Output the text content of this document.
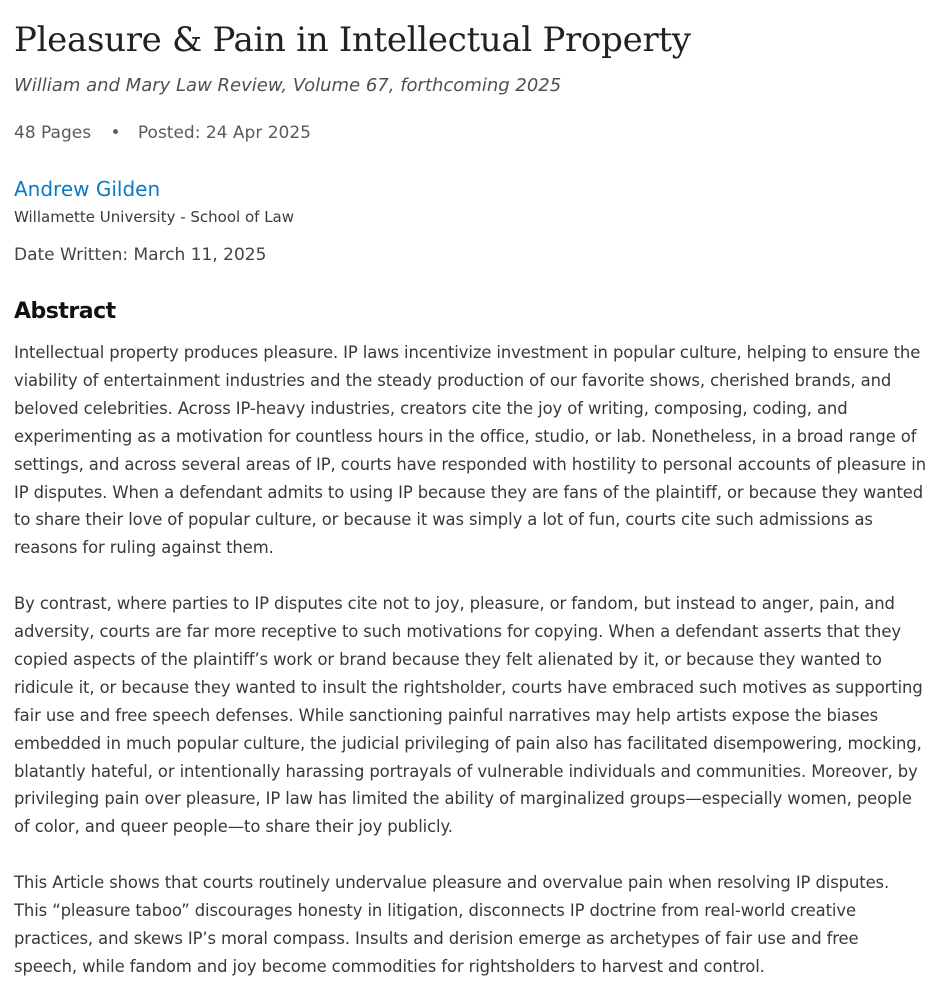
Pleasure & Pain in Intellectual Property
William and Mary Law Review, Volume 67, forthcoming 2025
48 Pages • Posted: 24 Apr 2025
Andrew Gilden
Willamette University - School of Law
Date Written: March 11, 2025
Abstract

Intellectual property produces pleasure. IP laws incentivize investment in popular culture, helping to ensure the viability of entertainment industries and the steady production of our favorite shows, cherished brands, and beloved celebrities. Across IP-heavy industries, creators cite the joy of writing, composing, coding, and experimenting as a motivation for countless hours in the office, studio, or lab. Nonetheless, in a broad range of settings, and across several areas of IP, courts have responded with hostility to personal accounts of pleasure in IP disputes. When a defendant admits to using IP because they are fans of the plaintiff, or because they wanted to share their love of popular culture, or because it was simply a lot of fun, courts cite such admissions as reasons for ruling against them.

By contrast, where parties to IP disputes cite not to joy, pleasure, or fandom, but instead to anger, pain, and adversity, courts are far more receptive to such motivations for copying. When a defendant asserts that they copied aspects of the plaintiff’s work or brand because they felt alienated by it, or because they wanted to ridicule it, or because they wanted to insult the rightsholder, courts have embraced such motives as supporting fair use and free speech defenses. While sanctioning painful narratives may help artists expose the biases embedded in much popular culture, the judicial privileging of pain also has facilitated disempowering, mocking, blatantly hateful, or intentionally harassing portrayals of vulnerable individuals and communities. Moreover, by privileging pain over pleasure, IP law has limited the ability of marginalized groups—especially women, people of color, and queer people—to share their joy publicly.

This Article shows that courts routinely undervalue pleasure and overvalue pain when resolving IP disputes. This “pleasure taboo” discourages honesty in litigation, disconnects IP doctrine from real-world creative practices, and skews IP’s moral compass. Insults and derision emerge as archetypes of fair use and free speech, while fandom and joy become commodities for rightsholders to harvest and control.
